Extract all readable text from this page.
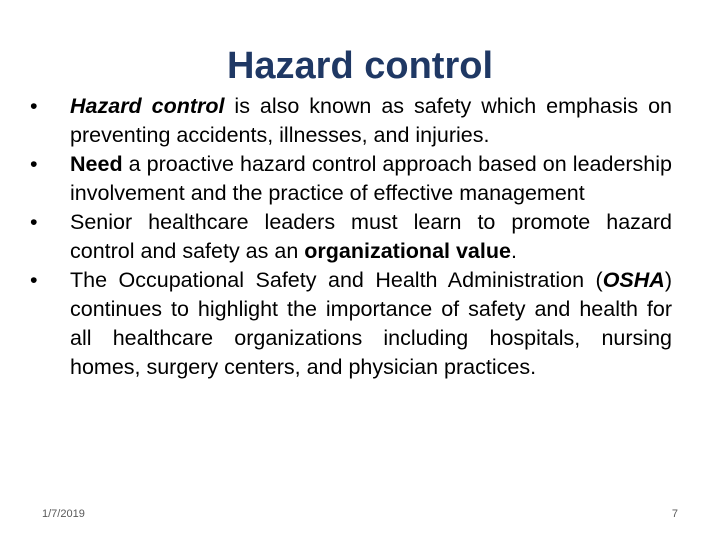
Hazard control
•	Hazard control is also known as safety which emphasis on preventing accidents, illnesses, and injuries.
•	Need a proactive hazard control approach based on leadership involvement and the practice of effective management
•	Senior healthcare leaders must learn to promote hazard control and safety as an organizational value.
•	The Occupational Safety and Health Administration (OSHA) continues to highlight the importance of safety and health for all healthcare organizations including hospitals, nursing homes, surgery centers, and physician practices.
1/7/2019	7
